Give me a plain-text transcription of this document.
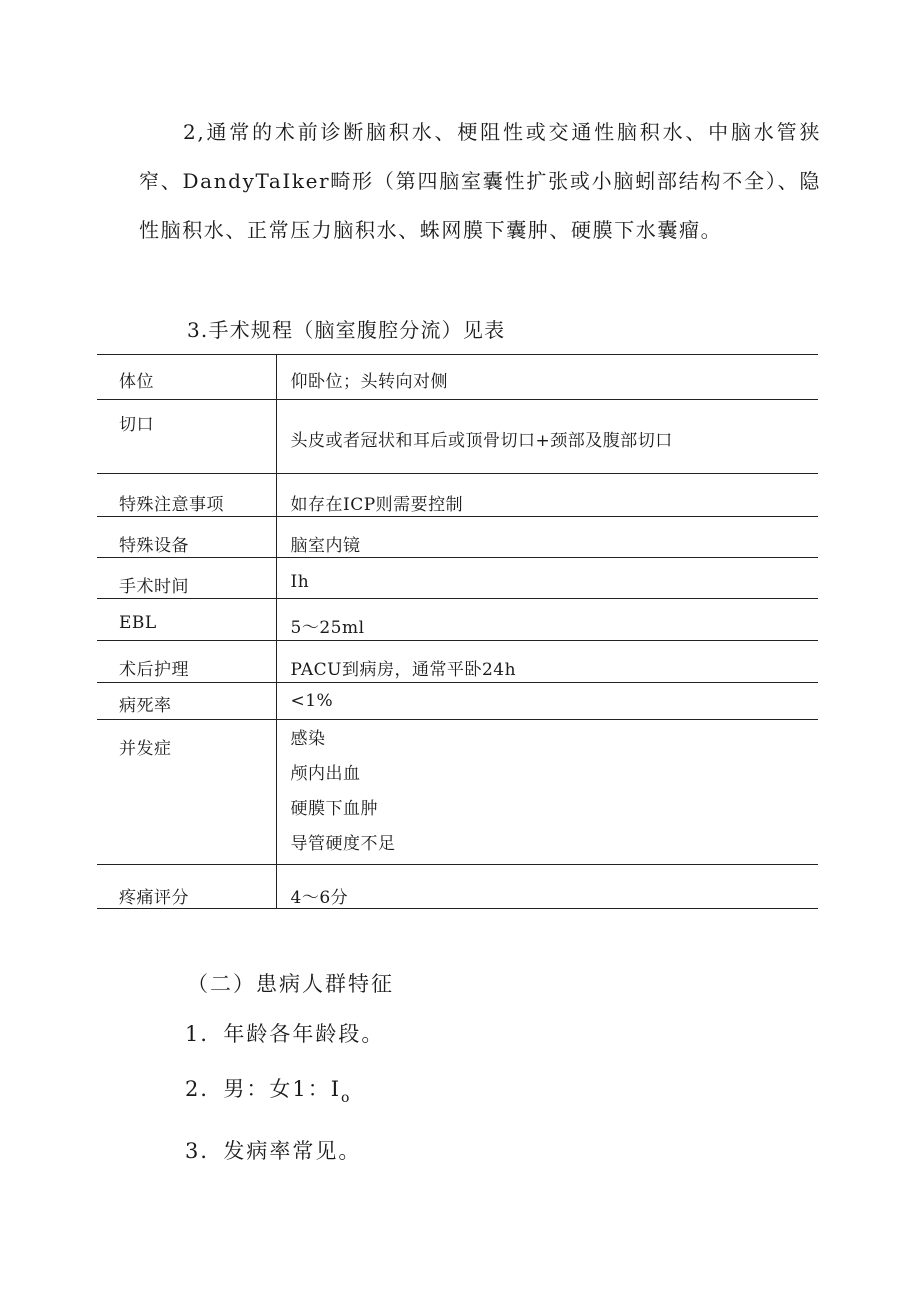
2,通常的术前诊断脑积水、梗阻性或交通性脑积水、中脑水管狭窄、DandyTaIker畸形（第四脑室囊性扩张或小脑蚓部结构不全）、隐性脑积水、正常压力脑积水、蛛网膜下囊肿、硬膜下水囊瘤。

3.手术规程（脑室腹腔分流）见表

体位	仰卧位；头转向对侧
切口	头皮或者冠状和耳后或顶骨切口+颈部及腹部切口
特殊注意事项	如存在ICP则需要控制
特殊设备	脑室内镜
手术时间	Ih
EBL	5～25ml
术后护理	PACU到病房，通常平卧24h
病死率	<1%
并发症	感染
颅内出血
硬膜下血肿
导管硬度不足

疼痛评分	4～6分

（二）患病人群特征

1．年龄各年龄段。

2．男：女1：$I_o$

3．发病率常见。
